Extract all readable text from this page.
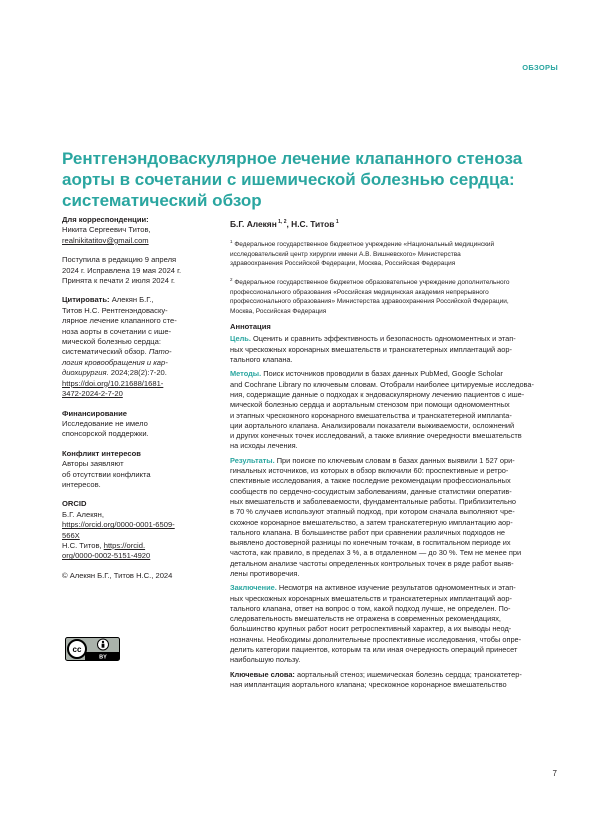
ОБЗОРЫ
Рентгенэндоваскулярное лечение клапанного стеноза
аорты в сочетании с ишемической болезнью сердца:
систематический обзор
Для корреспонденции:
Никита Сергеевич Титов,
realnikitatitov@gmail.com
Поступила в редакцию 9 апреля
2024 г. Исправлена 19 мая 2024 г.
Принята к печати 2 июля 2024 г.
Цитировать: Алекян Б.Г.,
Титов Н.С. Рентгенэндоваску-
лярное лечение клапанного сте-
ноза аорты в сочетании с ише-
мической болезнью сердца:
систематический обзор. Пато-
логия кровообращения и кар-
диохирургия. 2024;28(2):7-20.
https://doi.org/10.21688/1681-
3472-2024-2-7-20
Финансирование
Исследование не имело
спонсорской поддержки.
Конфликт интересов
Авторы заявляют
об отсутствии конфликта
интересов.
ORCID
Б.Г. Алекян,
https://orcid.org/0000-0001-6509-
566X
Н.С. Титов, https://orcid.
org/0000-0002-5151-4920
© Алекян Б.Г., Титов Н.С., 2024
cc
BY
Б.Г. Алекян $^{1, 2}$, Н.С. Титов $^1$
$^1$ Федеральное государственное бюджетное учреждение «Национальный медицинский
исследовательский центр хирургии имени А.В. Вишневского» Министерства
здравоохранения Российской Федерации, Москва, Российская Федерация
$^2$ Федеральное государственное бюджетное образовательное учреждение дополнительного
профессионального образования «Российская медицинская академия непрерывного
профессионального образования» Министерства здравоохранения Российской Федерации,
Москва, Российская Федерация
Аннотация
Цель. Оценить и сравнить эффективность и безопасность одномоментных и этап-
ных чрескожных коронарных вмешательств и транскатетерных имплантаций аор-
тального клапана.
Методы. Поиск источников проводили в базах данных PubMed, Google Scholar
and Cochrane Library по ключевым словам. Отобрали наиболее цитируемые исследова-
ния, содержащие данные о подходах к эндоваскулярному лечению пациентов с ише-
мической болезнью сердца и аортальным стенозом при помощи одномоментных
и этапных чрескожного коронарного вмешательства и транскатетерной имплanta-
ции аортального клапана. Анализировали показатели выживаемости, осложнений
и других конечных точек исследований, а также влияние очередности вмешательств
на исходы лечения.
Результаты. При поиске по ключевым словам в базах данных выявили 1 527 ори-
гинальных источников, из которых в обзор включили 60: проспективные и ретро-
спективные исследования, а также последние рекомендации профессиональных
сообществ по сердечно-сосудистым заболеваниям, данные статистики оператив-
ных вмешательств и заболеваемости, фундаментальные работы. Приблизительно
в 70 % случаев используют этапный подход, при котором сначала выполняют чре-
скожное коронарное вмешательство, а затем транскатетерную имплантацию аор-
тального клапана. В большинстве работ при сравнении различных подходов не
выявлено достоверной разницы по конечным точкам, в госпитальном периоде их
частота, как правило, в пределах 3 %, а в отдаленном — до 30 %. Тем не менее при
детальном анализе частоты определенных контрольных точек в ряде работ выяв-
лены противоречия.
Заключение. Несмотря на активное изучение результатов одномоментных и этап-
ных чрескожных коронарных вмешательств и транскатетерных имплантаций аор-
тального клапана, ответ на вопрос о том, какой подход лучше, не определен. По-
следовательность вмешательств не отражена в современных рекомендациях,
большинство крупных работ носит ретроспективный характер, а их выводы неод-
нозначны. Необходимы дополнительные проспективные исследования, чтобы опре-
делить категории пациентов, которым та или иная очередность операций принесет
наибольшую пользу.
Ключевые слова: аортальный стеноз; ишемическая болезнь сердца; транскатетер-
ная имплантация аортального клапана; чрескожное коронарное вмешательство
7
